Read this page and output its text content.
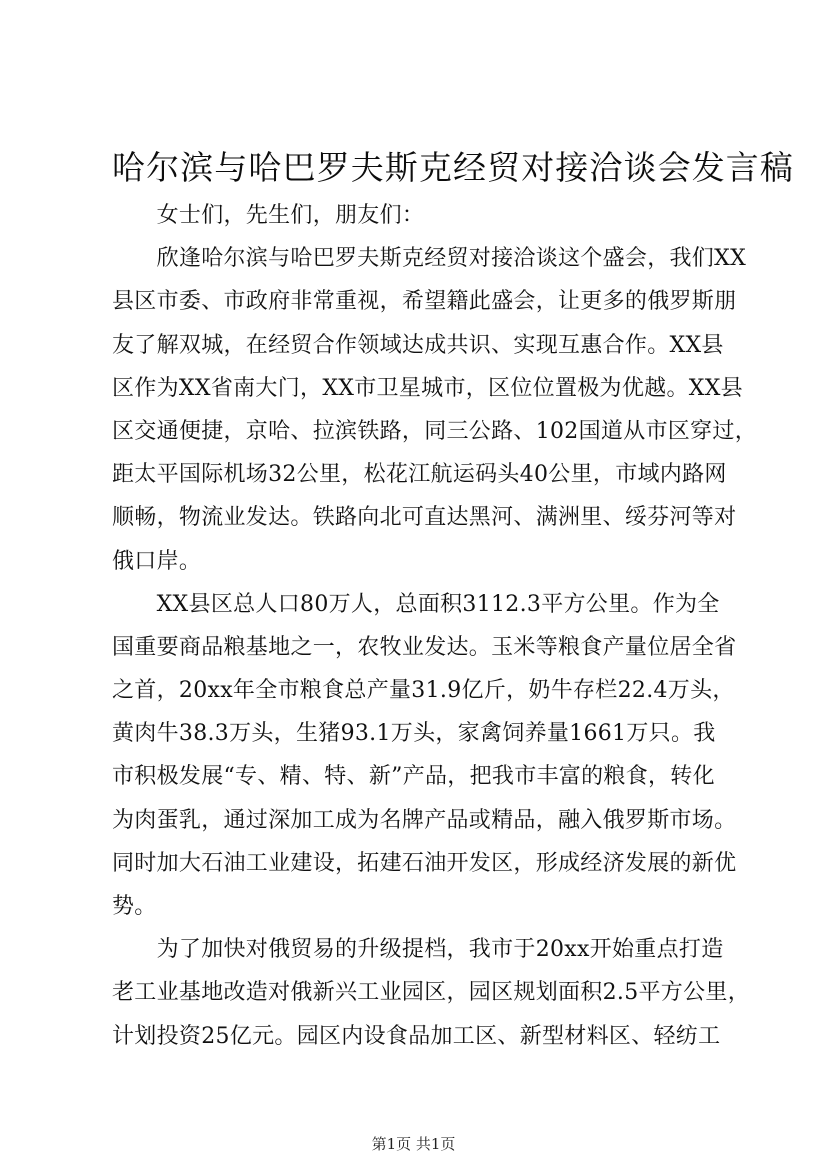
哈尔滨与哈巴罗夫斯克经贸对接洽谈会发言稿
　　女士们，先生们，朋友们：
　　欣逢哈尔滨与哈巴罗夫斯克经贸对接洽谈这个盛会，我们XX
县区市委、市政府非常重视，希望籍此盛会，让更多的俄罗斯朋
友了解双城，在经贸合作领域达成共识、实现互惠合作。XX县
区作为XX省南大门，XX市卫星城市，区位位置极为优越。XX县
区交通便捷，京哈、拉滨铁路，同三公路、102国道从市区穿过，
距太平国际机场32公里，松花江航运码头40公里，市域内路网
顺畅，物流业发达。铁路向北可直达黑河、满洲里、绥芬河等对
俄口岸。
　　XX县区总人口80万人，总面积3112.3平方公里。作为全
国重要商品粮基地之一，农牧业发达。玉米等粮食产量位居全省
之首，20xx年全市粮食总产量31.9亿斤，奶牛存栏22.4万头，
黄肉牛38.3万头，生猪93.1万头，家禽饲养量1661万只。我
市积极发展“专、精、特、新”产品，把我市丰富的粮食，转化
为肉蛋乳，通过深加工成为名牌产品或精品，融入俄罗斯市场。
同时加大石油工业建设，拓建石油开发区，形成经济发展的新优
势。
　　为了加快对俄贸易的升级提档，我市于20xx开始重点打造
老工业基地改造对俄新兴工业园区，园区规划面积2.5平方公里，
计划投资25亿元。园区内设食品加工区、新型材料区、轻纺工
第1页 共1页
